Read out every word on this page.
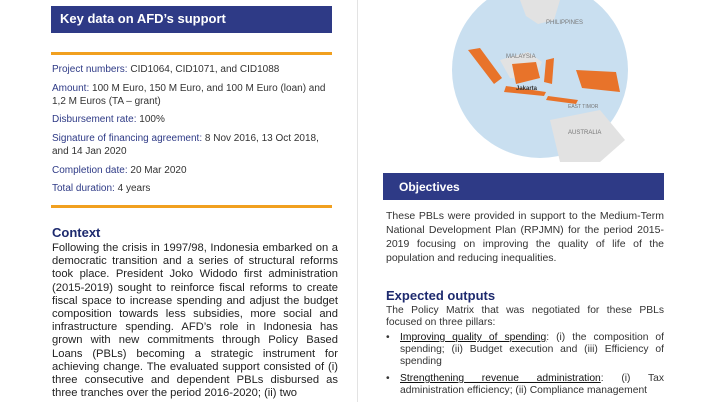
Key data on AFD’s support
Project numbers: CID1064, CID1071, and CID1088
Amount: 100 M Euro, 150 M Euro, and 100 M Euro (loan) and 1,2 M Euros (TA – grant)
Disbursement rate: 100%
Signature of financing agreement: 8 Nov 2016, 13 Oct 2018, and 14 Jan 2020
Completion date: 20 Mar 2020
Total duration: 4 years
Context

Following the crisis in 1997/98, Indonesia embarked on a democratic transition and a series of structural reforms took place. President Joko Widodo first administration (2015-2019) sought to reinforce fiscal reforms to create fiscal space to increase spending and adjust the budget composition towards less subsidies, more social and infrastructure spending. AFD’s role in Indonesia has grown with new commitments through Policy Based Loans (PBLs) becoming a strategic instrument for achieving change. The evaluated support consisted of (i) three consecutive and dependent PBLs disbursed as three tranches over the period 2016-2020; (ii) two

PHILIPPINES
MALAYSIA
Jakarta
EAST TIMOR
AUSTRALIA
Objectives

These PBLs were provided in support to the Medium-Term National Development Plan (RPJMN) for the period 2015-2019 focusing on improving the quality of life of the population and reducing inequalities.

Expected outputs

The Policy Matrix that was negotiated for these PBLs focused on three pillars:

• Improving quality of spending: (i) the composition of spending; (ii) Budget execution and (iii) Efficiency of spending
• Strengthening revenue administration: (i) Tax administration efficiency; (ii) Compliance management
